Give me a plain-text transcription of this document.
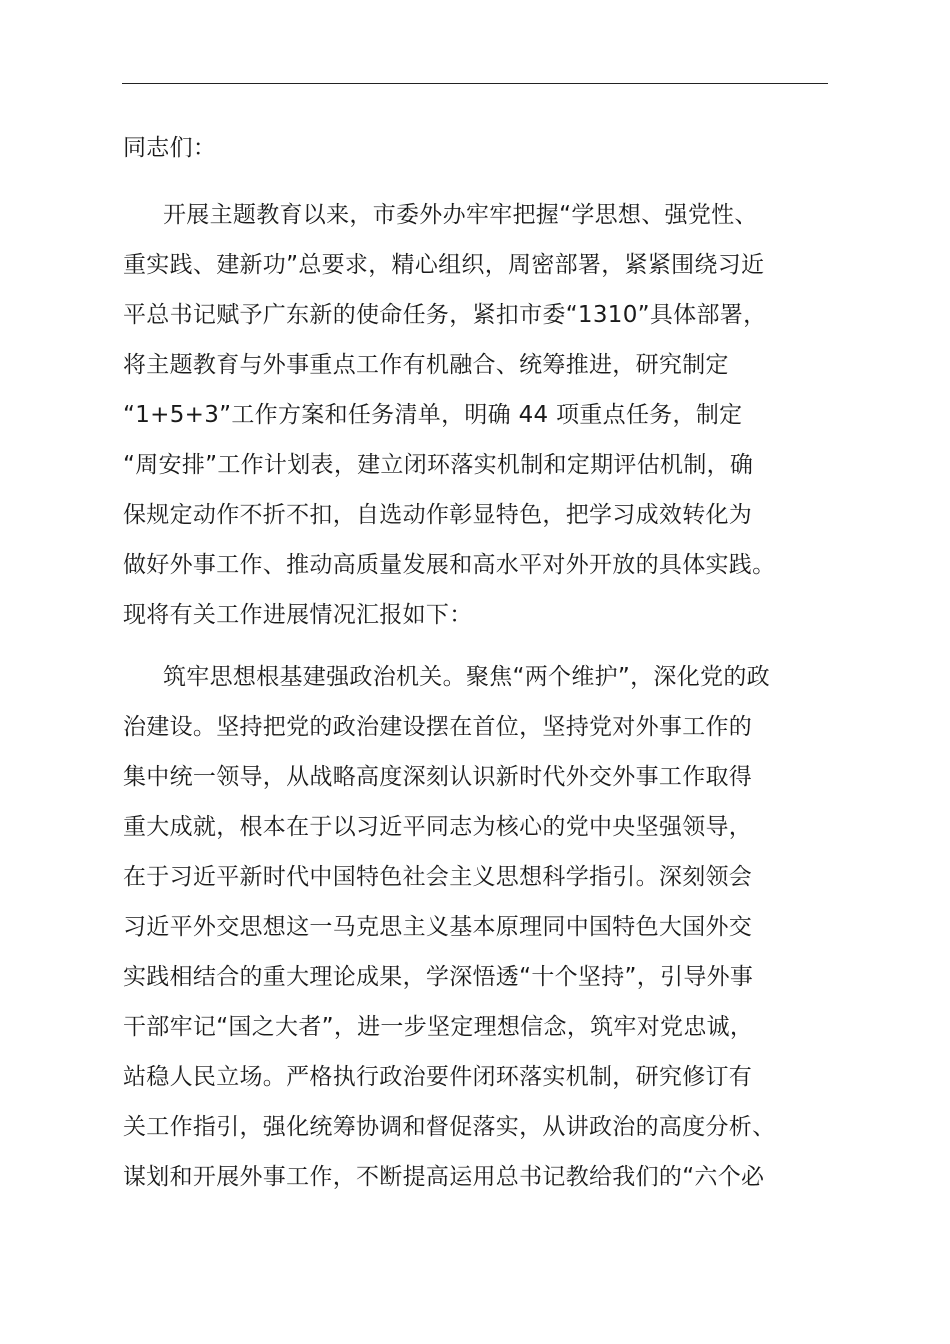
同志们：
开展主题教育以来，市委外办牢牢把握“学思想、强党性、
重实践、建新功”总要求，精心组织，周密部署，紧紧围绕习近
平总书记赋予广东新的使命任务，紧扣市委“1310”具体部署，
将主题教育与外事重点工作有机融合、统筹推进，研究制定
“1+5+3”工作方案和任务清单，明确 44 项重点任务，制定
“周安排”工作计划表，建立闭环落实机制和定期评估机制，确
保规定动作不折不扣，自选动作彰显特色，把学习成效转化为
做好外事工作、推动高质量发展和高水平对外开放的具体实践。
现将有关工作进展情况汇报如下：
筑牢思想根基建强政治机关。聚焦“两个维护”，深化党的政
治建设。坚持把党的政治建设摆在首位，坚持党对外事工作的
集中统一领导，从战略高度深刻认识新时代外交外事工作取得
重大成就，根本在于以习近平同志为核心的党中央坚强领导，
在于习近平新时代中国特色社会主义思想科学指引。深刻领会
习近平外交思想这一马克思主义基本原理同中国特色大国外交
实践相结合的重大理论成果，学深悟透“十个坚持”，引导外事
干部牢记“国之大者”，进一步坚定理想信念，筑牢对党忠诚，
站稳人民立场。严格执行政治要件闭环落实机制，研究修订有
关工作指引，强化统筹协调和督促落实，从讲政治的高度分析、
谋划和开展外事工作，不断提高运用总书记教给我们的“六个必
